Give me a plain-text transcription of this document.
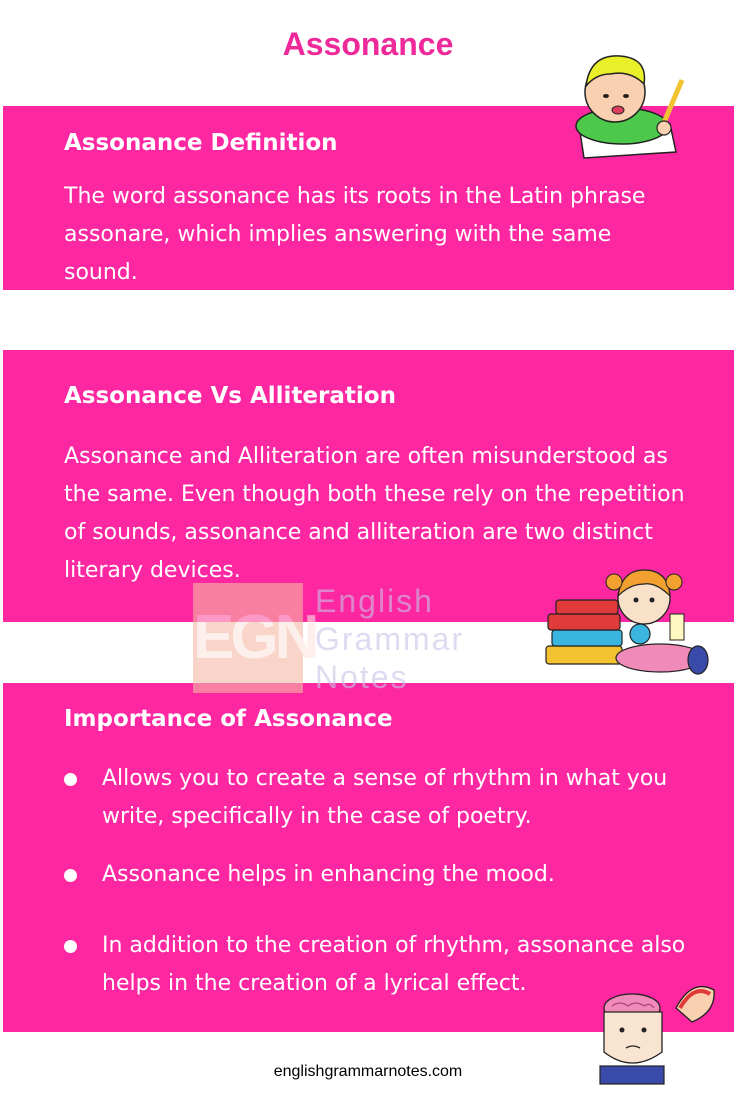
Assonance
Assonance Definition

The word assonance has its roots in the Latin phrase assonare, which implies answering with the same sound.

Assonance Vs Alliteration

Assonance and Alliteration are often misunderstood as the same. Even though both these rely on the repetition of sounds, assonance and alliteration are two distinct literary devices.

Importance of Assonance
Allows you to create a sense of rhythm in what you write, specifically in the case of poetry.
Assonance helps in enhancing the mood.
In addition to the creation of rhythm, assonance also helps in the creation of a lyrical effect.
EGN
English
Grammar
Notes
englishgrammarnotes.com
